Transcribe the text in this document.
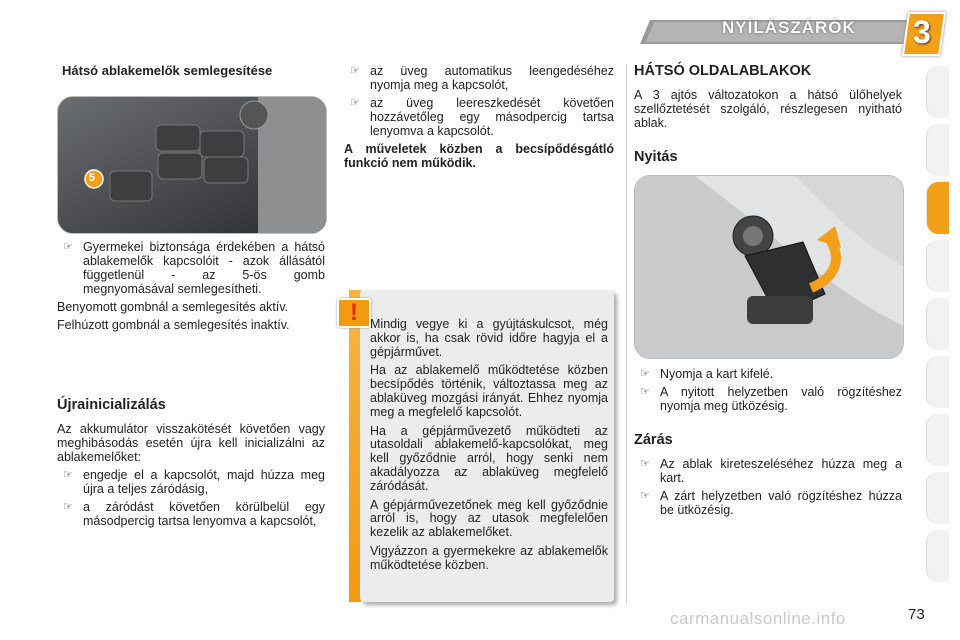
NYÍLÁSZÁRÓK 3
Hátsó ablakemelők semlegesítése
5
☞ Gyermekei biztonsága érdekében a hátsó ablakemelők kapcsolóit - azok állásától függetlenül - az 5-ös gomb megnyomásával semlegesítheti.

Benyomott gombnál a semlegesítés aktív.

Felhúzott gombnál a semlegesítés inaktív.

Újrainicializálás

Az akkumulátor visszakötését követően vagy meghibásodás esetén újra kell inicializálni az ablakemelőket:

☞ engedje el a kapcsolót, majd húzza meg újra a teljes záródásig,
☞ a záródást követően körülbelül egy másodpercig tartsa lenyomva a kapcsolót,
☞ az üveg automatikus leengedéséhez nyomja meg a kapcsolót,
☞ az üveg leereszkedését követően hozzávetőleg egy másodpercig tartsa lenyomva a kapcsolót.

A műveletek közben a becsípődésgátló funkció nem működik.

! Mindig vegye ki a gyújtáskulcsot, még akkor is, ha csak rövid időre hagyja el a gépjárművet.

Ha az ablakemelő működtetése közben becsípődés történik, változtassa meg az ablaküveg mozgási irányát. Ehhez nyomja meg a megfelelő kapcsolót.

Ha a gépjárművezető működteti az utasoldali ablakemelő-kapcsolókat, meg kell győződnie arról, hogy senki nem akadályozza az ablaküveg megfelelő záródását.

A gépjárművezetőnek meg kell győződnie arról is, hogy az utasok megfelelően kezelik az ablakemelőket.

Vigyázzon a gyermekekre az ablakemelők működtetése közben.

HÁTSÓ OLDALABLAKOK

A 3 ajtós változatokon a hátsó ülőhelyek szellőztetését szolgáló, részlegesen nyitható ablak.

Nyitás
☞ Nyomja a kart kifelé.
☞ A nyitott helyzetben való rögzítéshez nyomja meg ütközésig.
Zárás
☞ Az ablak kireteszeléséhez húzza meg a kart.
☞ A zárt helyzetben való rögzítéshez húzza be ütközésig.
carmanualsonline.info	73
